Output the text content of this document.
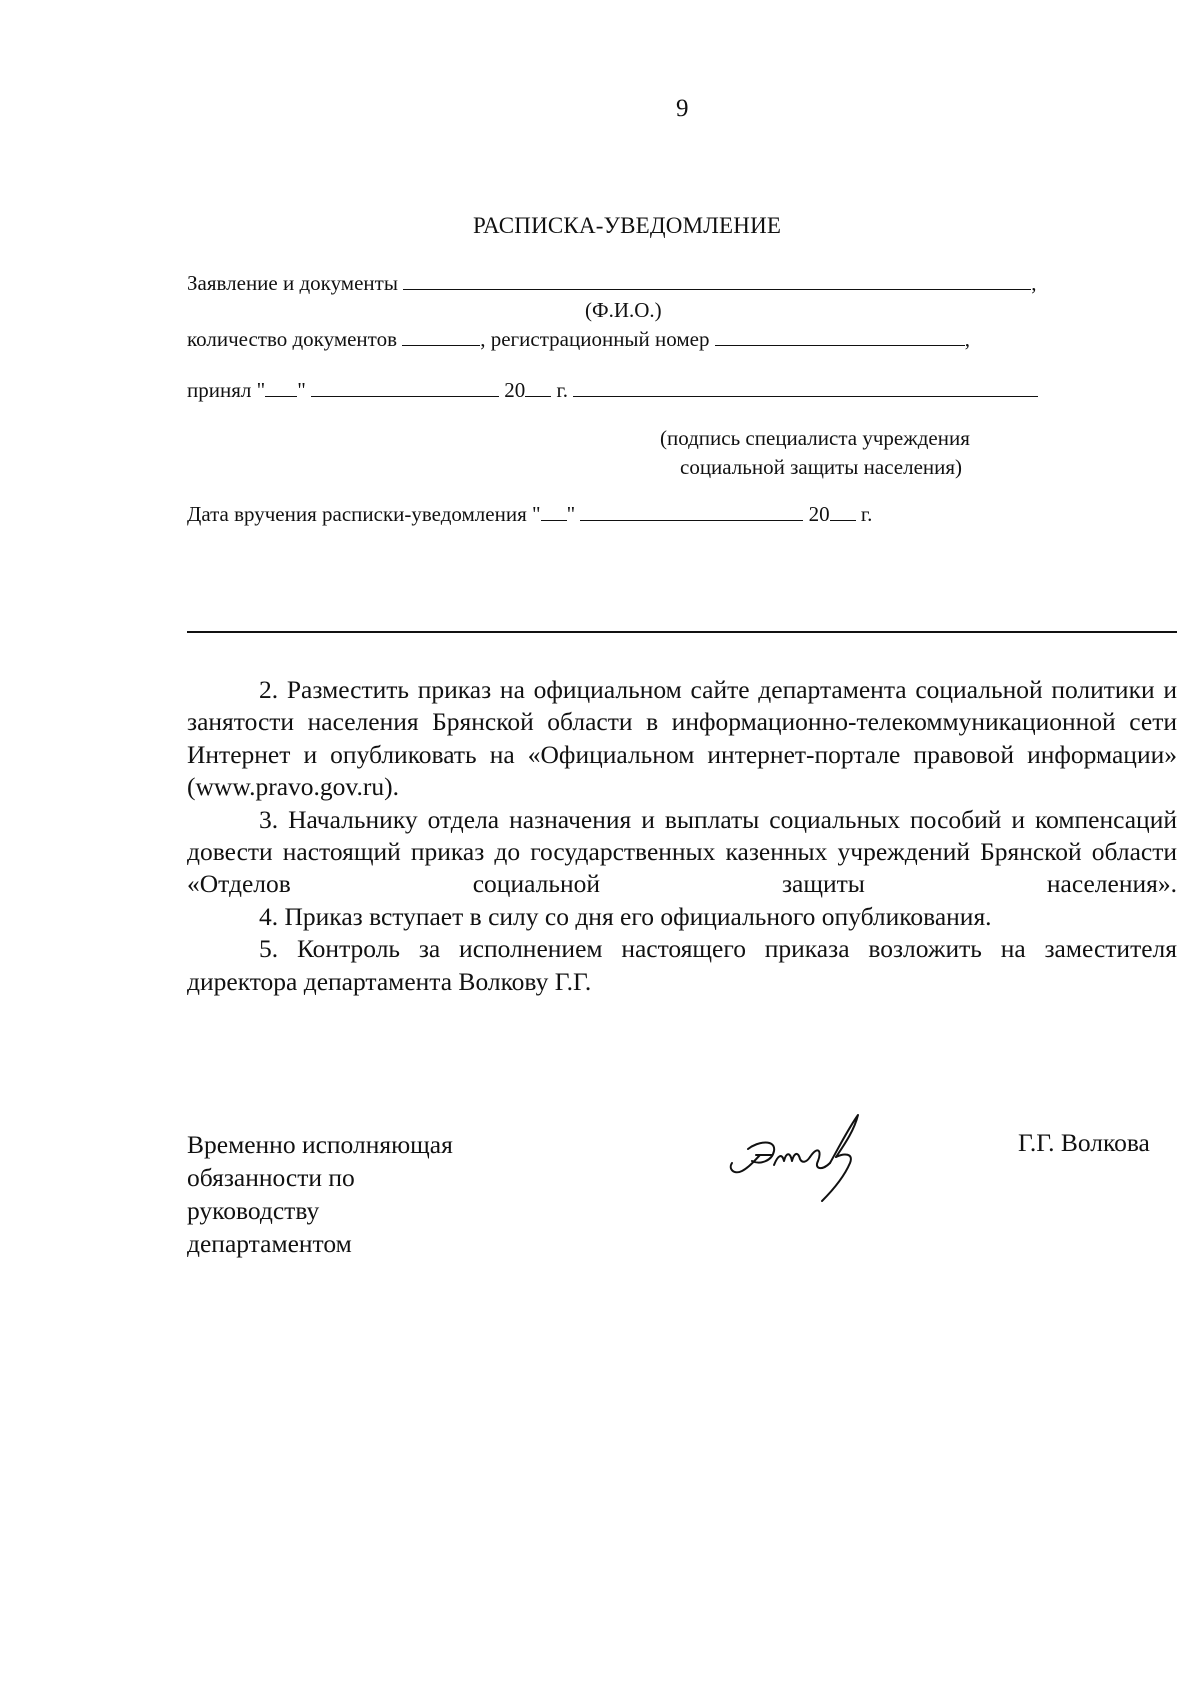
9
РАСПИСКА-УВЕДОМЛЕНИЕ
Заявление и документы	,
(Ф.И.О.)
количество документов	, регистрационный номер	,
принял " "	20 г.
(подпись специалиста учреждения
социальной защиты населения)
Дата вручения расписки-уведомления " "	20 г.

2. Разместить приказ на официальном сайте департамента социальной политики и занятости населения Брянской области в информационно-телекоммуникационной сети Интернет и опубликовать на «Официальном интернет-портале правовой информации» (www.pravo.gov.ru).

3. Начальнику отдела назначения и выплаты социальных пособий и компенсаций довести настоящий приказ до государственных казенных учреждений Брянской области «Отделов социальной защиты населения».

4. Приказ вступает в силу со дня его официального опубликования.

5. Контроль за исполнением настоящего приказа возложить на заместителя директора департамента Волкову Г.Г.

Временно исполняющая
обязанности по
руководству
департаментом
Г.Г. Волкова
